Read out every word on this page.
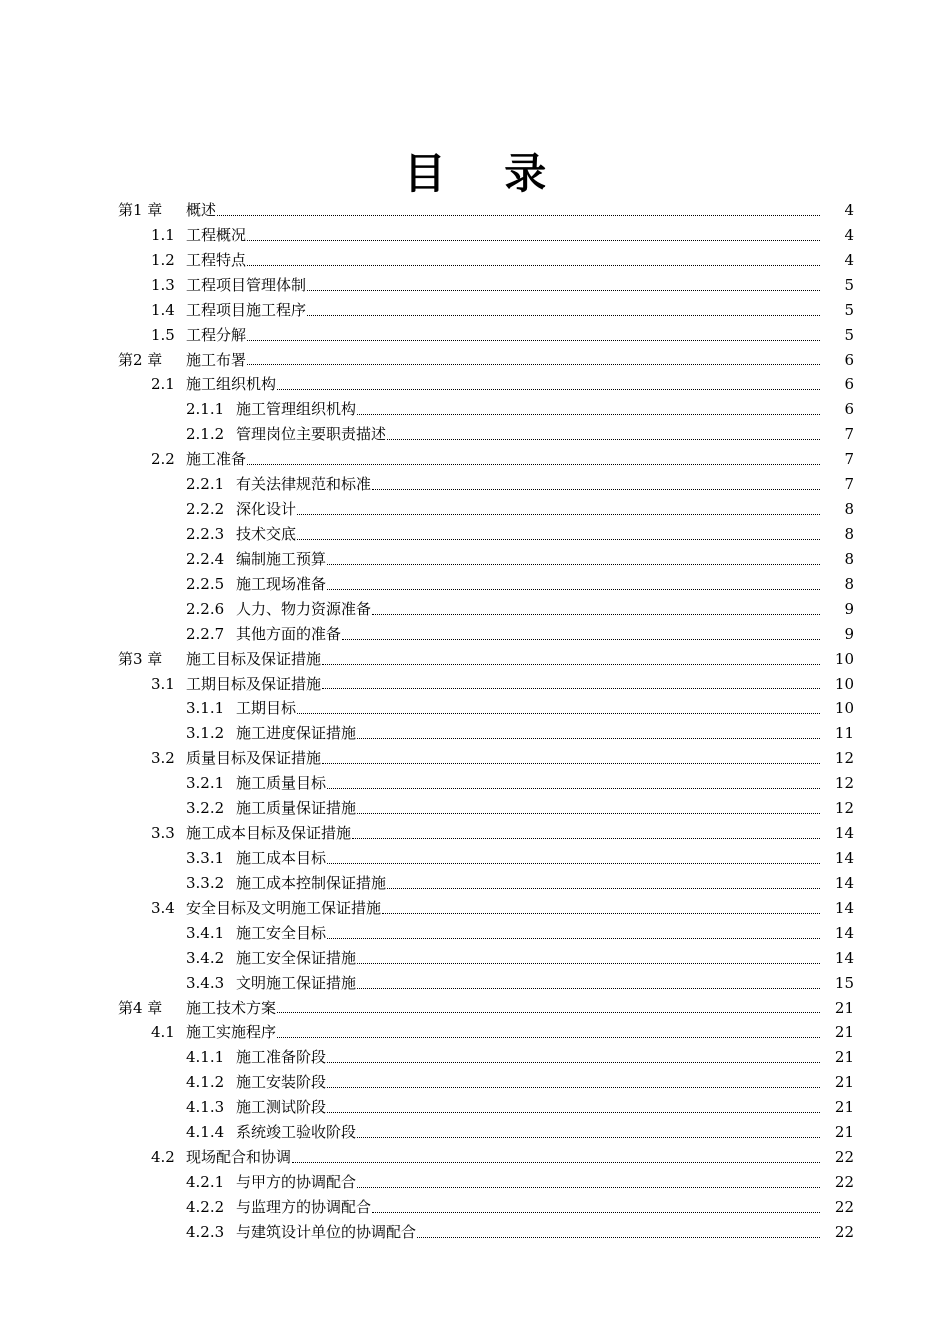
目    录
第1 章 概述	4
1.1 工程概况	4
1.2 工程特点	4
1.3 工程项目管理体制	5
1.4 工程项目施工程序	5
1.5 工程分解	5
第2 章 施工布署	6
2.1 施工组织机构	6
2.1.1 施工管理组织机构	6
2.1.2 管理岗位主要职责描述	7
2.2 施工准备	7
2.2.1 有关法律规范和标准	7
2.2.2 深化设计	8
2.2.3 技术交底	8
2.2.4 编制施工预算	8
2.2.5 施工现场准备	8
2.2.6 人力、物力资源准备	9
2.2.7 其他方面的准备	9
第3 章 施工目标及保证措施	10
3.1 工期目标及保证措施	10
3.1.1 工期目标	10
3.1.2 施工进度保证措施	11
3.2 质量目标及保证措施	12
3.2.1 施工质量目标	12
3.2.2 施工质量保证措施	12
3.3 施工成本目标及保证措施	14
3.3.1 施工成本目标	14
3.3.2 施工成本控制保证措施	14
3.4 安全目标及文明施工保证措施	14
3.4.1 施工安全目标	14
3.4.2 施工安全保证措施	14
3.4.3 文明施工保证措施	15
第4 章 施工技术方案	21
4.1 施工实施程序	21
4.1.1 施工准备阶段	21
4.1.2 施工安装阶段	21
4.1.3 施工测试阶段	21
4.1.4 系统竣工验收阶段	21
4.2 现场配合和协调	22
4.2.1 与甲方的协调配合	22
4.2.2 与监理方的协调配合	22
4.2.3 与建筑设计单位的协调配合	22
